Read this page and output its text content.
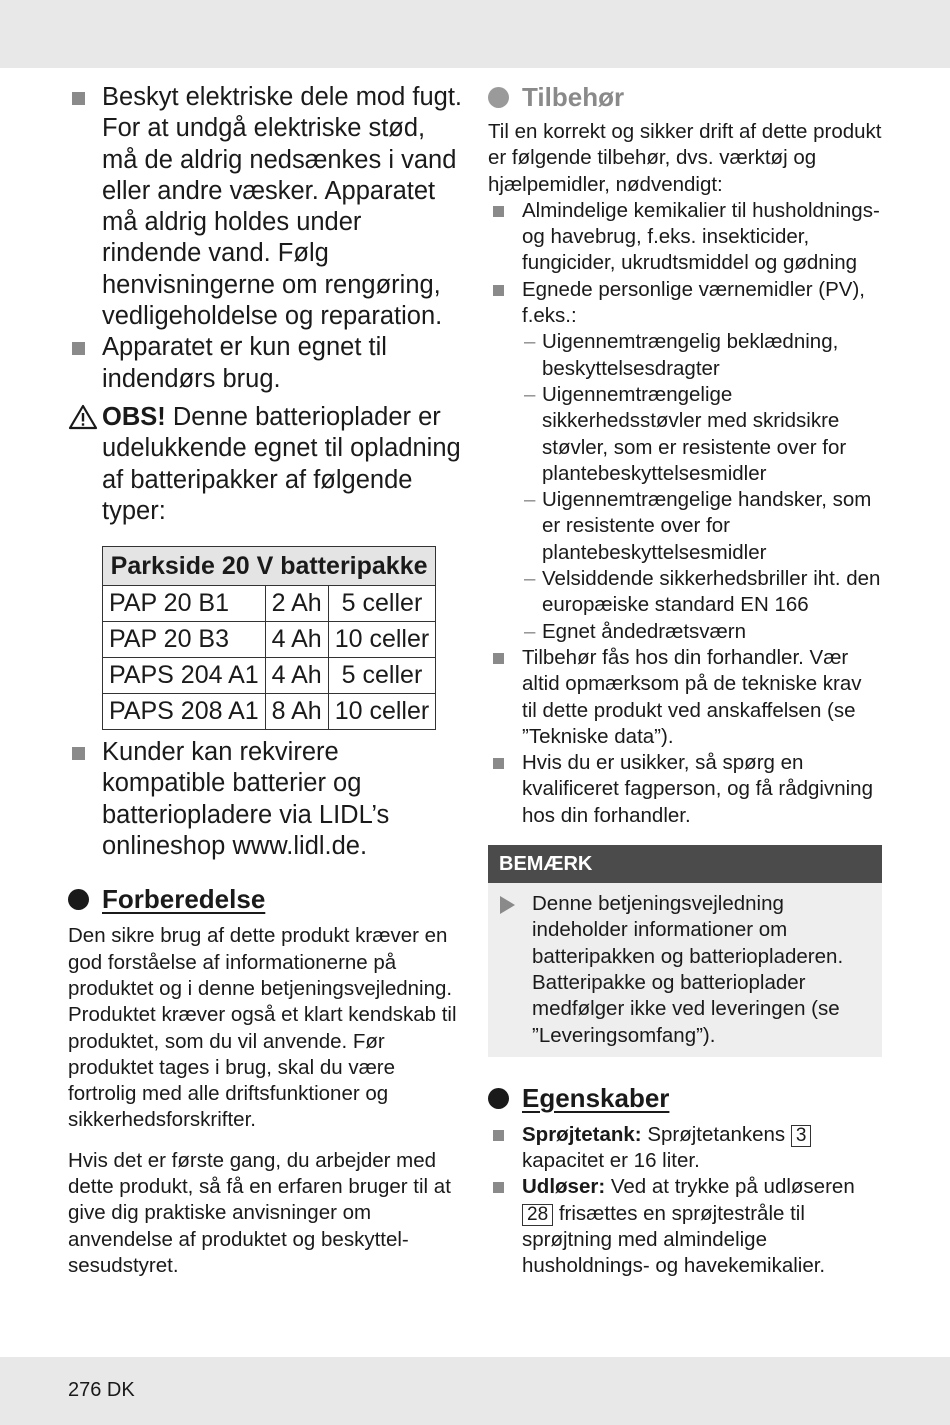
Beskyt elektriske dele mod fugt. For at undgå elektriske stød, må de aldrig nedsænkes i vand eller andre væsker. Apparatet må aldrig holdes under rindende vand. Følg henvisningerne om rengøring, vedligeholdelse og reparation.
Apparatet er kun egnet til indendørs brug.
OBS! Denne batterioplader er udelukkende egnet til opladning af batteripakker af følgende typer:
Parkside 20 V batteripakke		
PAP 20 B1	2 Ah	5 celler
PAP 20 B3	4 Ah	10 celler
PAPS 204 A1	4 Ah	5 celler
PAPS 208 A1	8 Ah	10 celler
Kunder kan rekvirere kompatible batterier og batteriopladere via LIDL’s onlineshop www.lidl.de.
Forberedelse

Den sikre brug af dette produkt kræver en god forståelse af informationerne på produktet og i denne betjeningsvejledning. Produktet kræver også et klart kendskab til produktet, som du vil anvende. Før produktet tages i brug, skal du være fortrolig med alle driftsfunktioner og sikkerhedsforskrifter.

Hvis det er første gang, du arbejder med dette produkt, så få en erfaren bruger til at give dig praktiske anvisninger om anvendelse af produktet og beskyttel-sesudstyret.

Tilbehør

Til en korrekt og sikker drift af dette produkt er følgende tilbehør, dvs. værktøj og hjælpemidler, nødvendigt:

Almindelige kemikalier til husholdnings- og havebrug, f.eks. insekticider, fungicider, ukrudtsmiddel og gødning
Egnede personlige værnemidler (PV), f.eks.:
– Uigennemtrængelig beklædning, beskyttelsesdragter
– Uigennemtrængelige sikkerhedsstøvler med skridsikre støvler, som er resistente over for plantebeskyttelsesmidler
– Uigennemtrængelige handsker, som er resistente over for plantebeskyttelsesmidler
– Velsiddende sikkerhedsbriller iht. den europæiske standard EN 166
– Egnet åndedrætsværn
Tilbehør fås hos din forhandler. Vær altid opmærksom på de tekniske krav til dette produkt ved anskaffelsen (se ”Tekniske data”).
Hvis du er usikker, så spørg en kvalificeret fagperson, og få rådgivning hos din forhandler.
BEMÆRK
Denne betjeningsvejledning indeholder informationer om batteripakken og batteriopladeren. Batteripakke og batterioplader medfølger ikke ved leveringen (se ”Leveringsomfang”).
Egenskaber
Sprøjtetank: Sprøjtetankens 3 kapacitet er 16 liter.
Udløser: Ved at trykke på udløseren 28 frisættes en sprøjtestråle til sprøjtning med almindelige husholdnings- og havekemikalier.
276 DK
